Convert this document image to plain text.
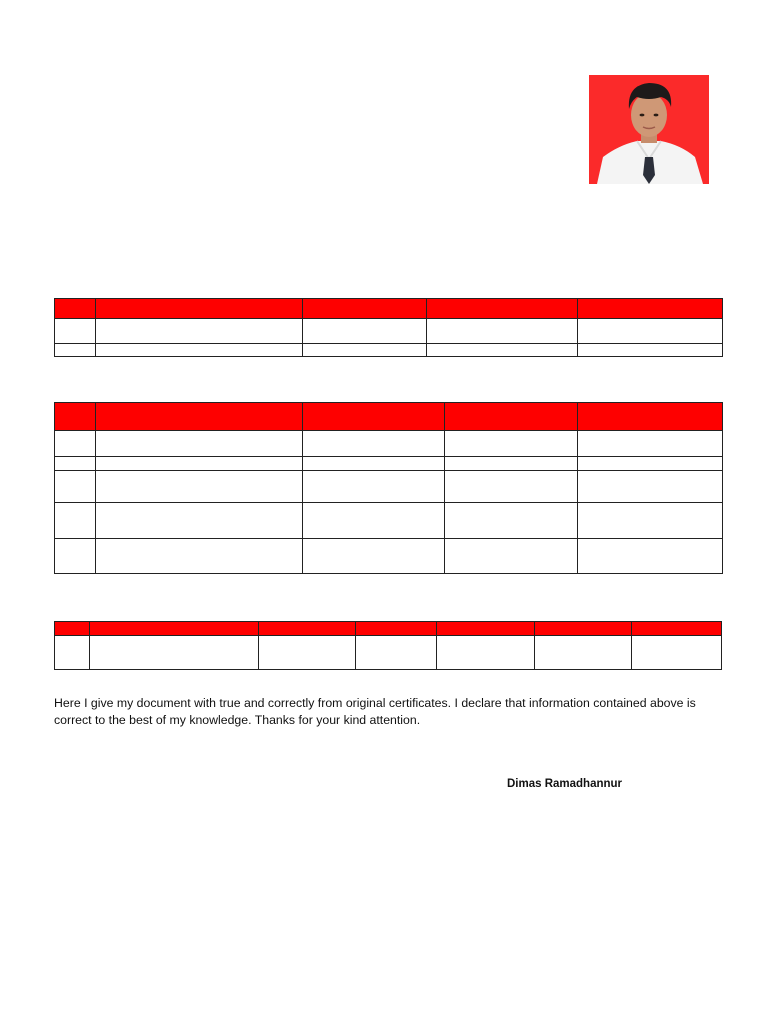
Here I give my document with true and correctly from original certificates. I declare that information contained above is correct to the best of my knowledge. Thanks for your kind attention.

Dimas Ramadhannur
